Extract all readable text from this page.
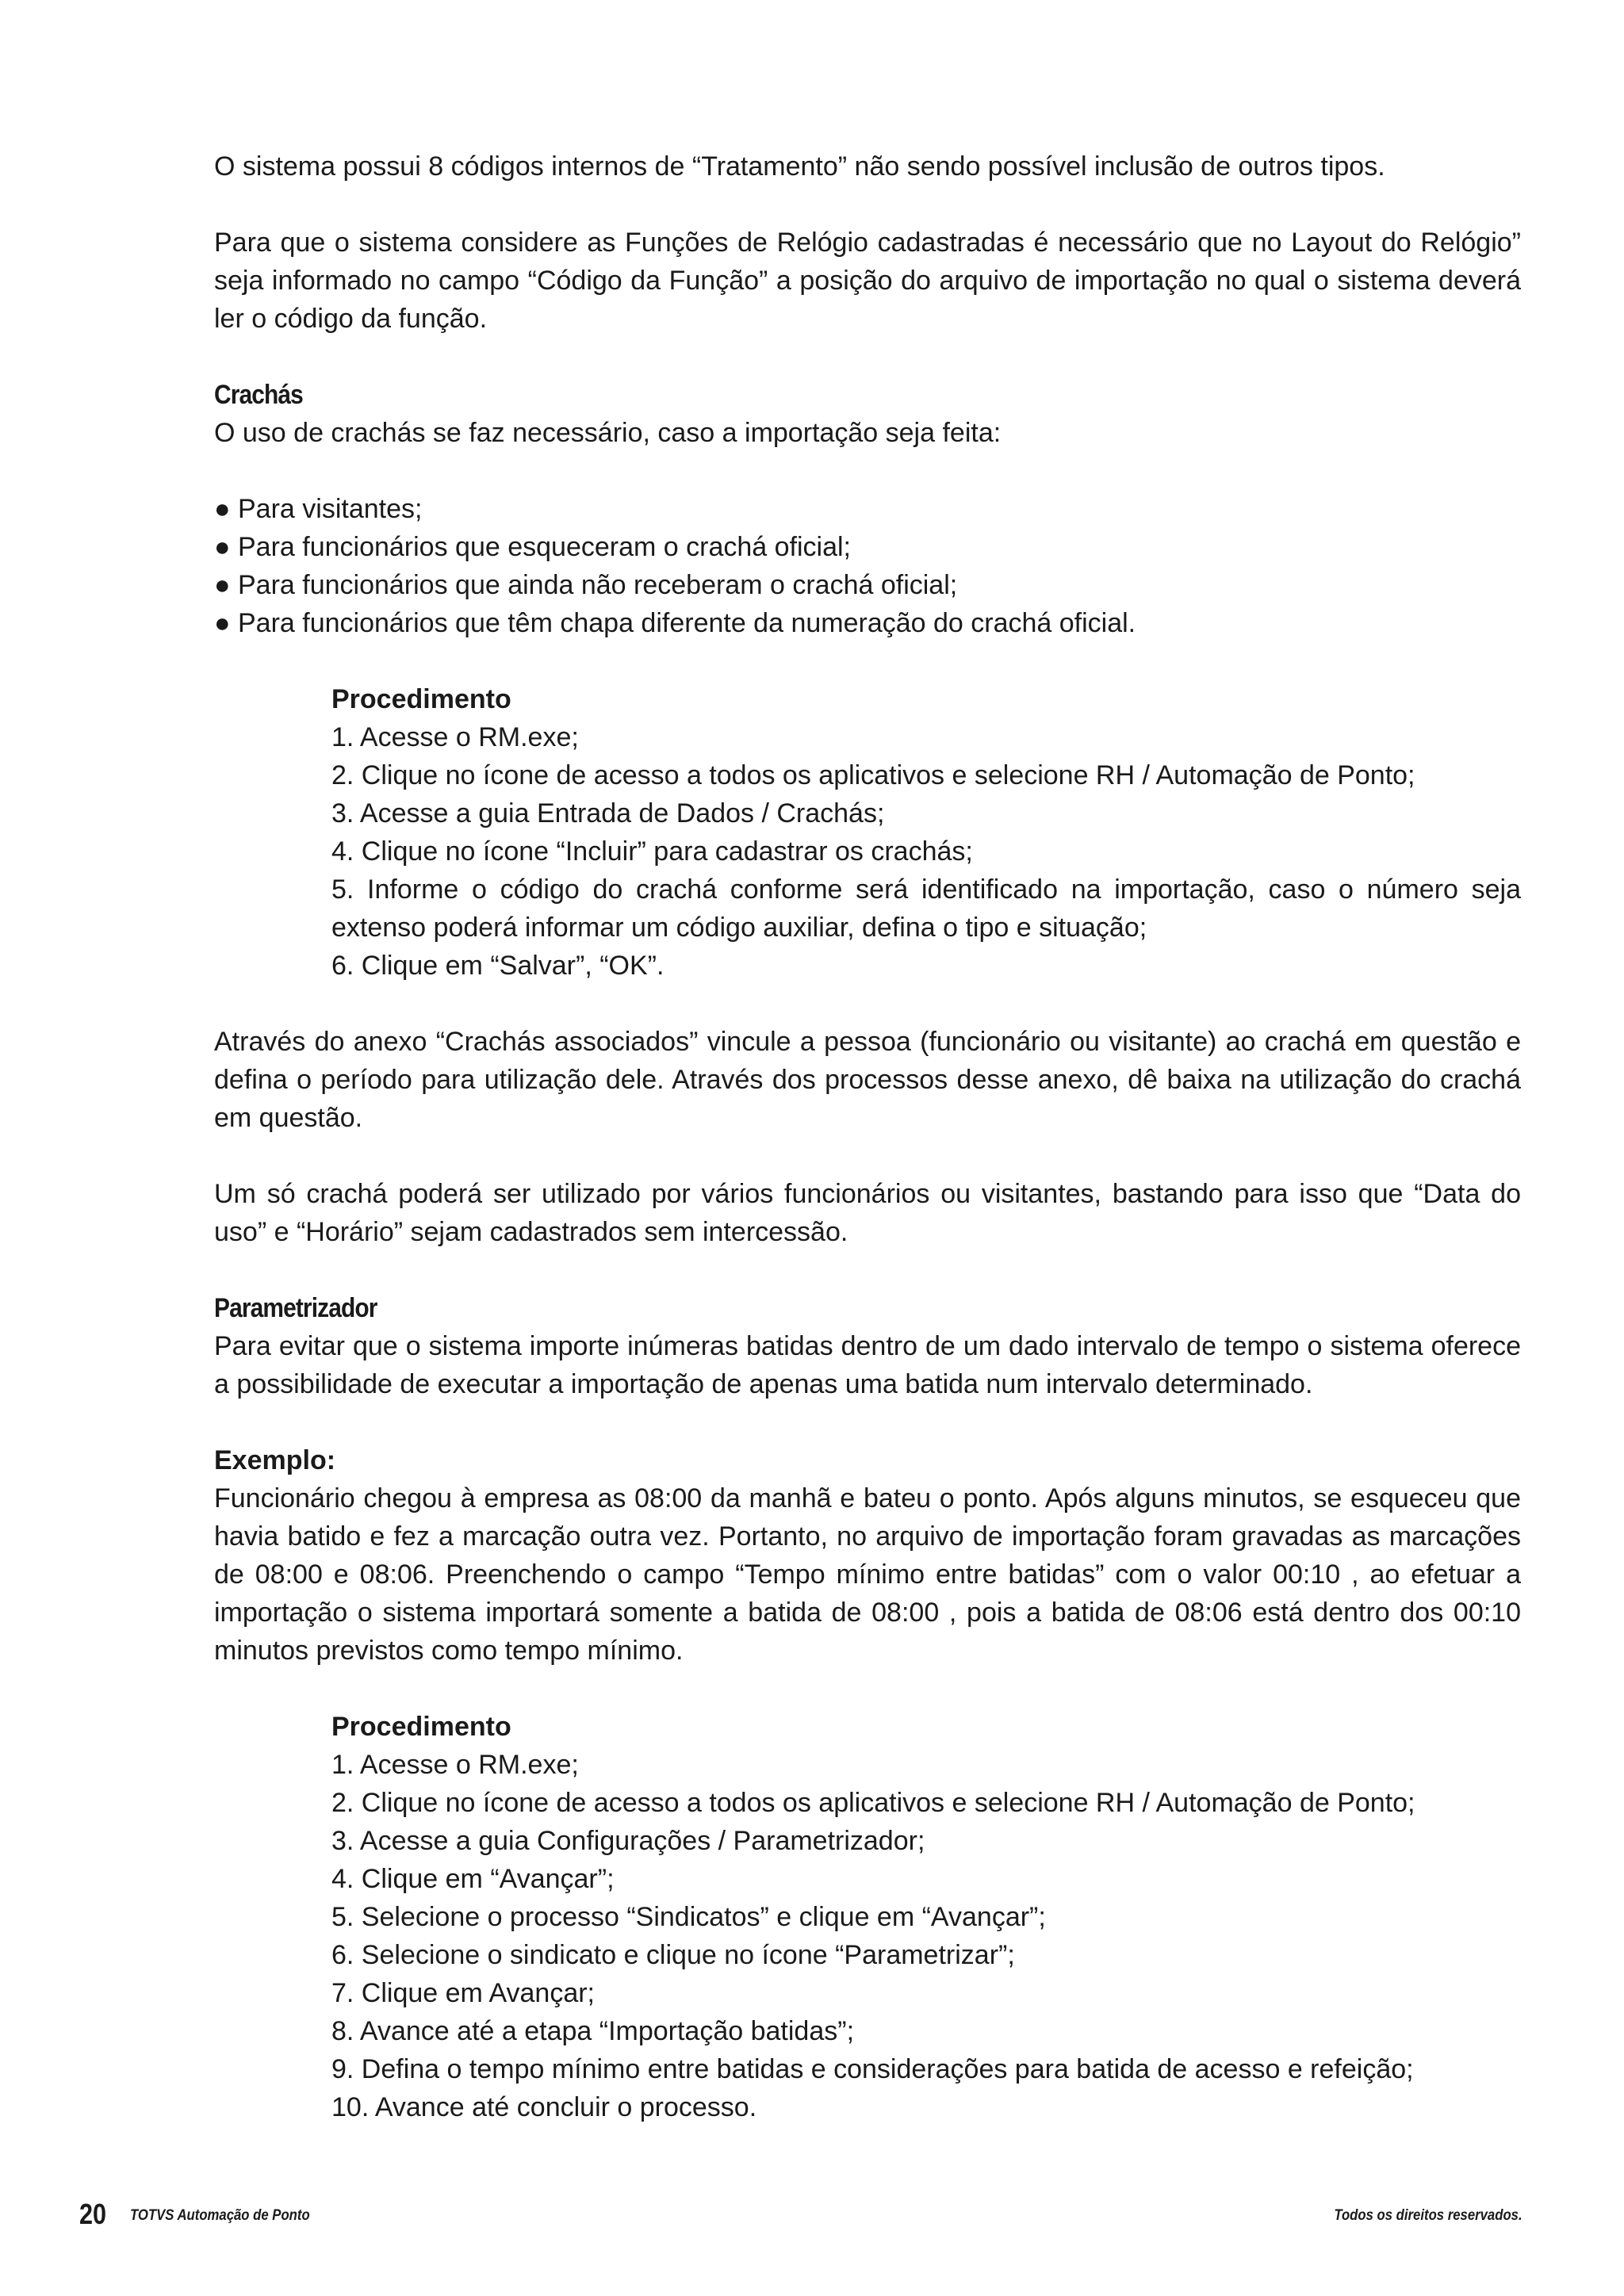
O sistema possui 8 códigos internos de “Tratamento” não sendo possível inclusão de outros tipos.

Para que o sistema considere as Funções de Relógio cadastradas é necessário que no Layout do Relógio” seja informado no campo “Código da Função” a posição do arquivo de importação no qual o sistema deverá ler o código da função.

Crachás

O uso de crachás se faz necessário, caso a importação seja feita:

● Para visitantes;
● Para funcionários que esqueceram o crachá oficial;
● Para funcionários que ainda não receberam o crachá oficial;
● Para funcionários que têm chapa diferente da numeração do crachá oficial.

Procedimento

1. Acesse o RM.exe;
2. Clique no ícone de acesso a todos os aplicativos e selecione RH / Automação de Ponto;
3. Acesse a guia Entrada de Dados / Crachás;
4. Clique no ícone “Incluir” para cadastrar os crachás;
5. Informe o código do crachá conforme será identificado na importação, caso o número seja extenso poderá informar um código auxiliar, defina o tipo e situação;
6. Clique em “Salvar”, “OK”.

Através do anexo “Crachás associados” vincule a pessoa (funcionário ou visitante) ao crachá em questão e defina o período para utilização dele. Através dos processos desse anexo, dê baixa na utilização do crachá em questão.

Um só crachá poderá ser utilizado por vários funcionários ou visitantes, bastando para isso que “Data do uso” e “Horário” sejam cadastrados sem intercessão.

Parametrizador

Para evitar que o sistema importe inúmeras batidas dentro de um dado intervalo de tempo o sistema oferece a possibilidade de executar a importação de apenas uma batida num intervalo determinado.

Exemplo:

Funcionário chegou à empresa as 08:00 da manhã e bateu o ponto. Após alguns minutos, se esqueceu que havia batido e fez a marcação outra vez. Portanto, no arquivo de importação foram gravadas as marcações de 08:00 e 08:06. Preenchendo o campo “Tempo mínimo entre batidas” com o valor 00:10 , ao efetuar a importação o sistema importará somente a batida de 08:00 , pois a batida de 08:06 está dentro dos 00:10 minutos previstos como tempo mínimo.

Procedimento

1. Acesse o RM.exe;
2. Clique no ícone de acesso a todos os aplicativos e selecione RH / Automação de Ponto;
3. Acesse a guia Configurações / Parametrizador;
4. Clique em “Avançar”;
5. Selecione o processo “Sindicatos” e clique em “Avançar”;
6. Selecione o sindicato e clique no ícone “Parametrizar”;
7. Clique em Avançar;
8. Avance até a etapa “Importação batidas”;
9. Defina o tempo mínimo entre batidas e considerações para batida de acesso e refeição;
10. Avance até concluir o processo.
20 TOTVS Automação de Ponto	Todos os direitos reservados.
